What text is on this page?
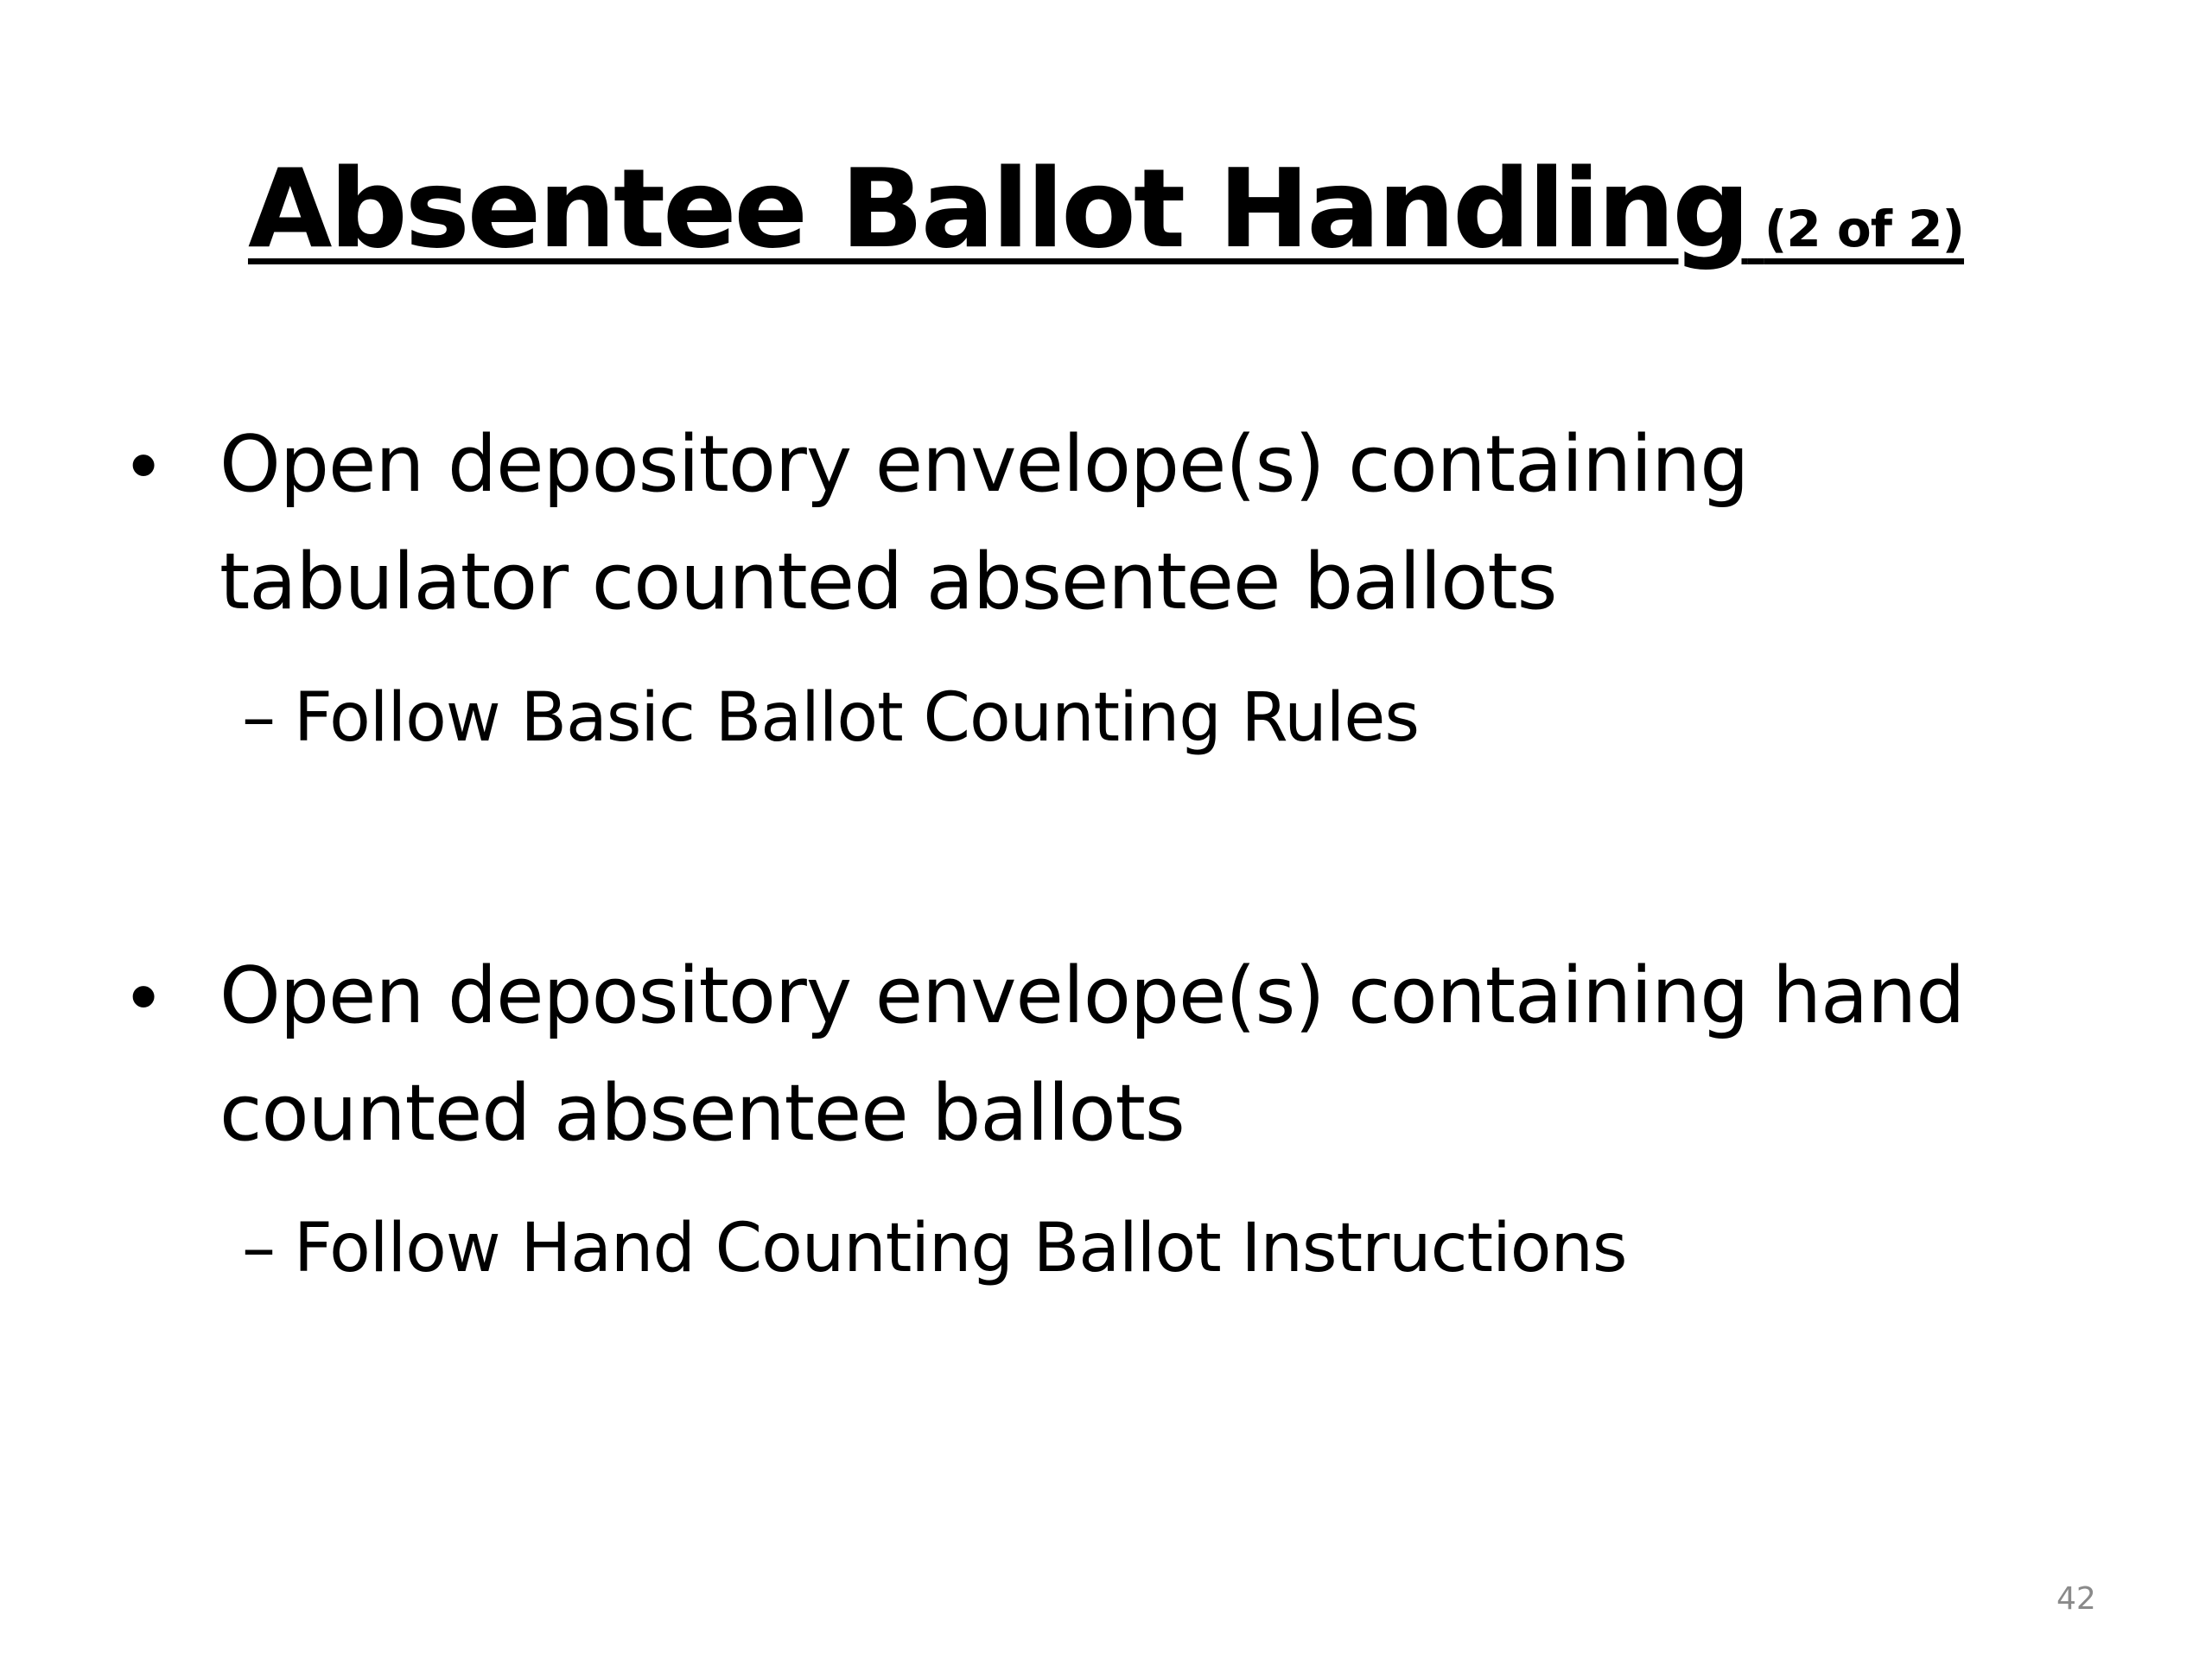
Absentee Ballot Handling (2 of 2)
• Open depository envelope(s) containing tabulator counted absentee ballots
– Follow Basic Ballot Counting Rules
• Open depository envelope(s) containing hand counted absentee ballots
– Follow Hand Counting Ballot Instructions
42
